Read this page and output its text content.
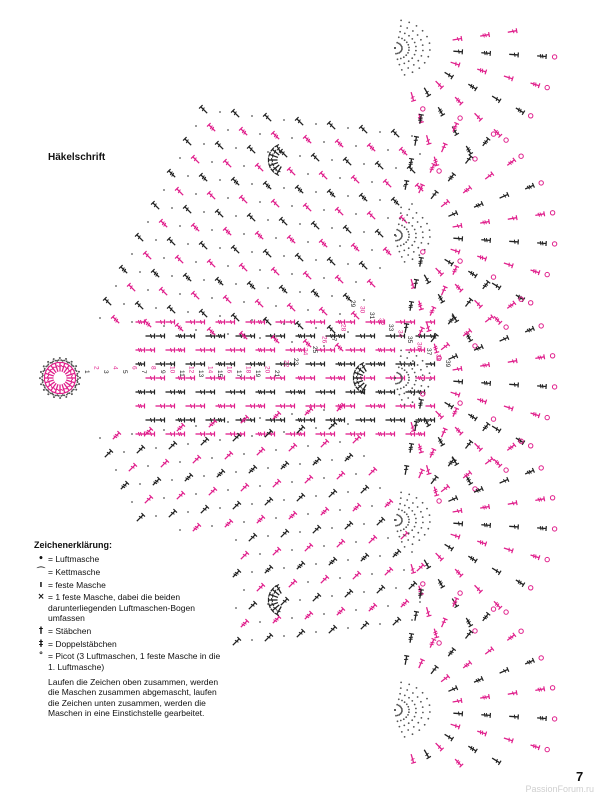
1
2
3
4
5
6
7
8
9 10
11
12
13
14
15
16
17
18
19
20
21
22 23
24 25
26 27
28
29
30
31
32
33
34
35
36
37
38
39
Häkelschrift
Zeichenerklärung:
• = Luftmasche
⌒ = Kettmasche
ı = feste Masche
× = 1 feste Masche, dabei die beiden darunterliegenden Luftmaschen-Bogen umfassen
† = Stäbchen
‡ = Doppelstäbchen
° = Picot (3 Luftmaschen, 1 feste Masche in die 1. Luftmasche)
Laufen die Zeichen oben zusammen, werden die Maschen zusammen abgemascht, laufen die Zeichen unten zusammen, werden die Maschen in eine Einstichstelle gearbeitet.
7
PassionForum.ru
